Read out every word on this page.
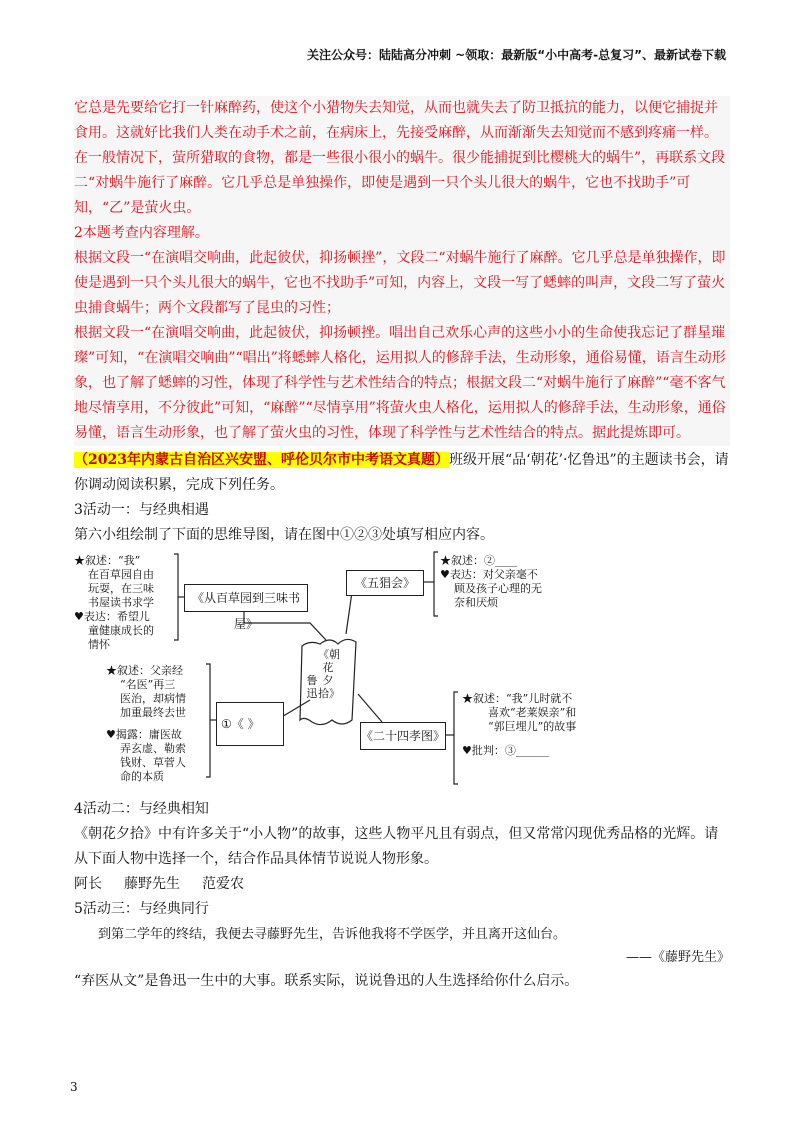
关注公众号：陆陆高分冲刺 ~领取：最新版“小中高考-总复习”、最新试卷下载

它总是先要给它打一针麻醉药，使这个小猎物失去知觉，从而也就失去了防卫抵抗的能力，以便它捕捉并食用。这就好比我们人类在动手术之前，在病床上，先接受麻醉，从而渐渐失去知觉而不感到疼痛一样。

在一般情况下，萤所猎取的食物，都是一些很小很小的蜗牛。很少能捕捉到比樱桃大的蜗牛”，再联系文段二“对蜗牛施行了麻醉。它几乎总是单独操作，即使是遇到一只个头儿很大的蜗牛，它也不找助手”可知，“乙”是萤火虫。

2本题考查内容理解。

根据文段一“在演唱交响曲，此起彼伏，抑扬顿挫”，文段二“对蜗牛施行了麻醉。它几乎总是单独操作，即使是遇到一只个头儿很大的蜗牛，它也不找助手”可知，内容上，文段一写了蟋蟀的叫声，文段二写了萤火虫捕食蜗牛；两个文段都写了昆虫的习性；

根据文段一“在演唱交响曲，此起彼伏，抑扬顿挫。唱出自己欢乐心声的这些小小的生命使我忘记了群星璀璨”可知，“在演唱交响曲”“唱出”将蟋蟀人格化，运用拟人的修辞手法，生动形象，通俗易懂，语言生动形象，也了解了蟋蟀的习性，体现了科学性与艺术性结合的特点；根据文段二“对蜗牛施行了麻醉”“毫不客气地尽情享用，不分彼此”可知，“麻醉”“尽情享用”将萤火虫人格化，运用拟人的修辞手法，生动形象，通俗易懂，语言生动形象，也了解了萤火虫的习性，体现了科学性与艺术性结合的特点。据此提炼即可。

（2023年内蒙古自治区兴安盟、呼伦贝尔市中考语文真题）班级开展“品‘朝花’·忆鲁迅”的主题读书会，请你调动阅读积累，完成下列任务。

3活动一：与经典相遇

第六小组绘制了下面的思维导图，请在图中①②③处填写相应内容。

★叙述：“我”
在百草园自由
玩耍，在三味
书屋读书求学
♥表达：希望儿
童健康成长的
情怀
《从百草园到三味书屋》
《五猖会》
★叙述：②____
♥表达：对父亲毫不
顾及孩子心理的无
奈和厌烦
《朝花夕拾》
鲁迅
★叙述：父亲经
“名医”再三
医治，却病情
加重最终去世
♥揭露：庸医故
弄玄虚、勒索
钱财、草菅人
命的本质
①《 》
《二十四孝图》
★叙述：“我”儿时就不
喜欢“老莱娱亲”和
“郭巨埋儿”的故事
♥批判：③______

4活动二：与经典相知

《朝花夕拾》中有许多关于“小人物”的故事，这些人物平凡且有弱点，但又常常闪现优秀品格的光辉。请从下面人物中选择一个，结合作品具体情节说说人物形象。

阿长 藤野先生 范爱农

5活动三：与经典同行

到第二学年的终结，我便去寻藤野先生，告诉他我将不学医学，并且离开这仙台。

——《藤野先生》

“弃医从文”是鲁迅一生中的大事。联系实际，说说鲁迅的人生选择给你什么启示。

3
